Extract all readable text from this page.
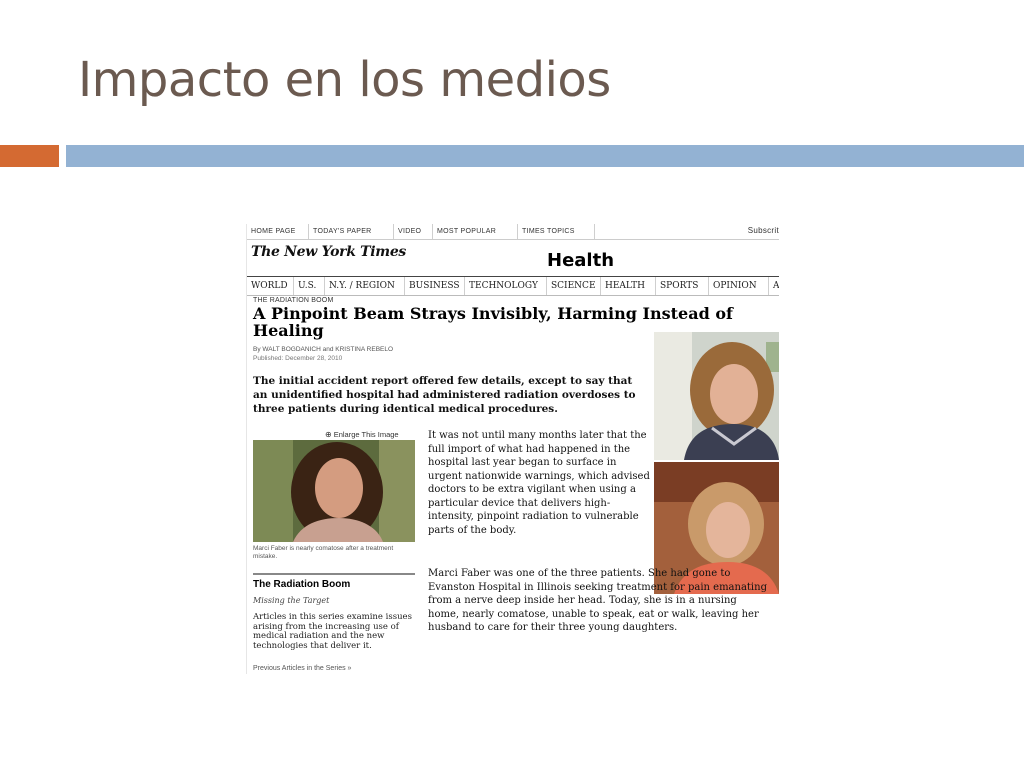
Impacto en los medios
HOME PAGE	TODAY'S PAPER	VIDEO	MOST POPULAR	TIMES TOPICS	Subscrit
The New York Times	Health
WORLD	U.S.	N.Y. / REGION	BUSINESS	TECHNOLOGY	SCIENCE	HEALTH	SPORTS	OPINION	A
THE RADIATION BOOM
A Pinpoint Beam Strays Invisibly, Harming Instead of Healing
By WALT BOGDANICH and KRISTINA REBELO
Published: December 28, 2010
The initial accident report offered few details, except to say that an unidentified hospital had administered radiation overdoses to three patients during identical medical procedures.
⊕ Enlarge This Image
Marci Faber is nearly comatose after a treatment mistake.
The Radiation Boom
Missing the Target
Articles in this series examine issues arising from the increasing use of medical radiation and the new technologies that deliver it.
Previous Articles in the Series »
It was not until many months later that the full import of what had happened in the hospital last year began to surface in urgent nationwide warnings, which advised doctors to be extra vigilant when using a particular device that delivers high-intensity, pinpoint radiation to vulnerable parts of the body.
Marci Faber was one of the three patients. She had gone to Evanston Hospital in Illinois seeking treatment for pain emanating from a nerve deep inside her head. Today, she is in a nursing home, nearly comatose, unable to speak, eat or walk, leaving her husband to care for their three young daughters.
